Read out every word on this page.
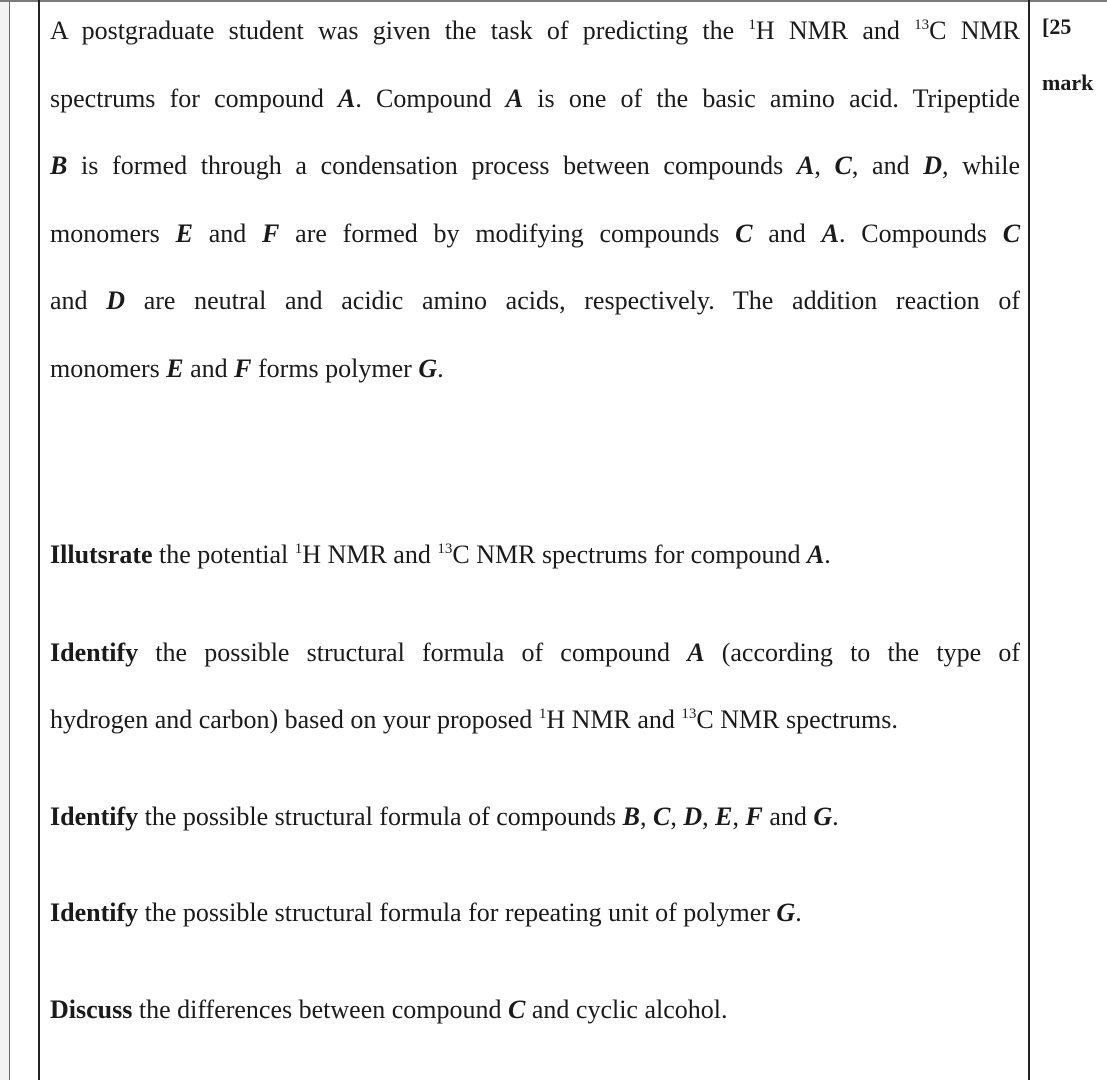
[25
mark
A postgraduate student was given the task of predicting the $^1$H NMR and $^{13}$C NMR
spectrums for compound A. Compound A is one of the basic amino acid. Tripeptide
B is formed through a condensation process between compounds A, C, and D, while
monomers E and F are formed by modifying compounds C and A. Compounds C
and D are neutral and acidic amino acids, respectively. The addition reaction of
monomers E and F forms polymer G.
Illutsrate the potential $^1$H NMR and $^{13}$C NMR spectrums for compound A.
Identify the possible structural formula of compound A (according to the type of
hydrogen and carbon) based on your proposed $^1$H NMR and $^{13}$C NMR spectrums.
Identify the possible structural formula of compounds B, C, D, E, F and G.
Identify the possible structural formula for repeating unit of polymer G.
Discuss the differences between compound C and cyclic alcohol.
